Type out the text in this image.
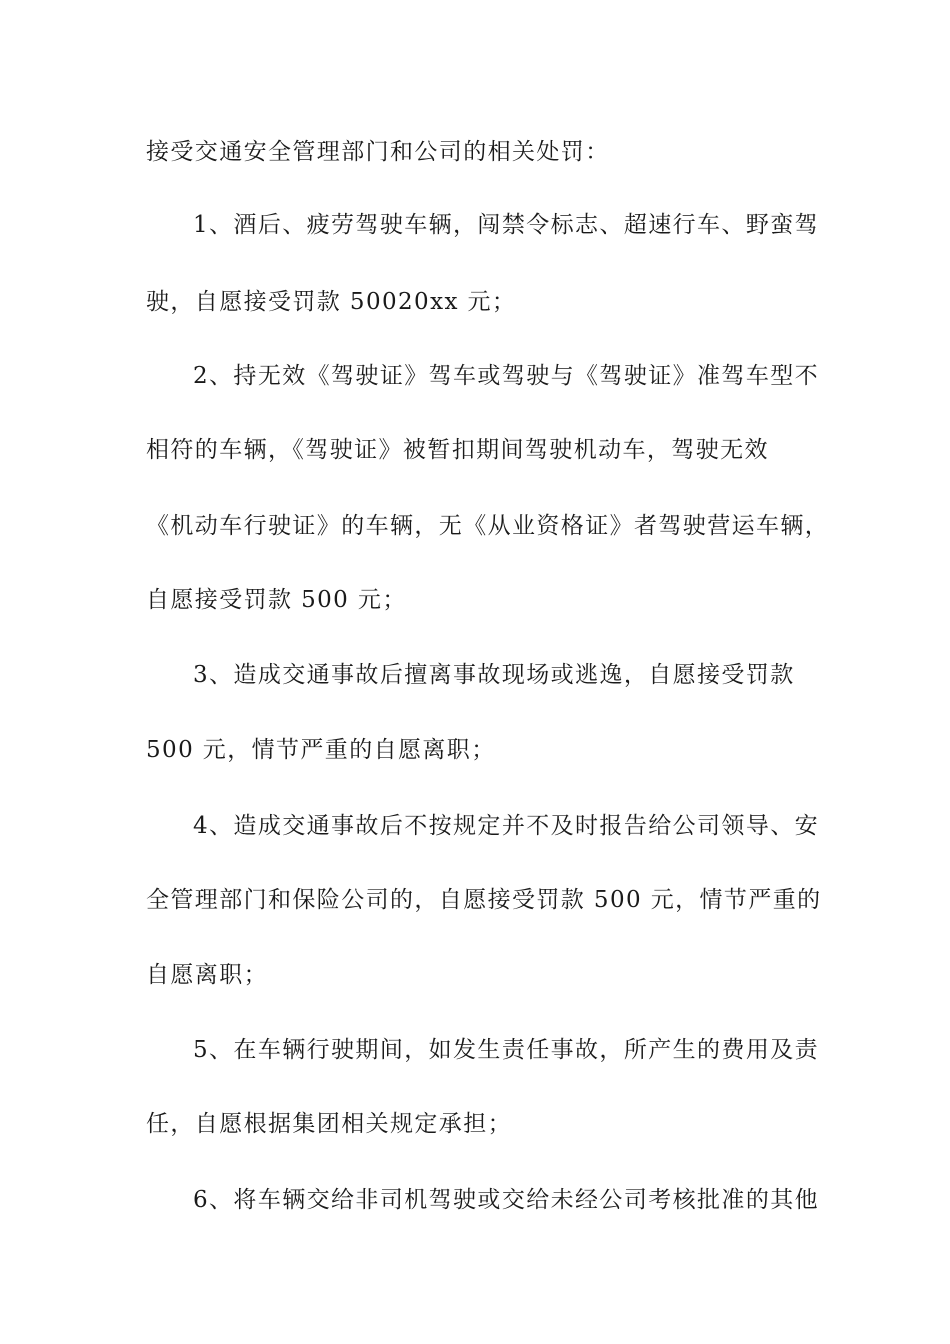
接受交通安全管理部门和公司的相关处罚：
1、酒后、疲劳驾驶车辆，闯禁令标志、超速行车、野蛮驾
驶，自愿接受罚款 50020xx 元；
2、持无效《驾驶证》驾车或驾驶与《驾驶证》准驾车型不
相符的车辆，《驾驶证》被暂扣期间驾驶机动车，驾驶无效
《机动车行驶证》的车辆，无《从业资格证》者驾驶营运车辆，
自愿接受罚款 500 元；
3、造成交通事故后擅离事故现场或逃逸，自愿接受罚款
500 元，情节严重的自愿离职；
4、造成交通事故后不按规定并不及时报告给公司领导、安
全管理部门和保险公司的，自愿接受罚款 500 元，情节严重的
自愿离职；
5、在车辆行驶期间，如发生责任事故，所产生的费用及责
任，自愿根据集团相关规定承担；
6、将车辆交给非司机驾驶或交给未经公司考核批准的其他
